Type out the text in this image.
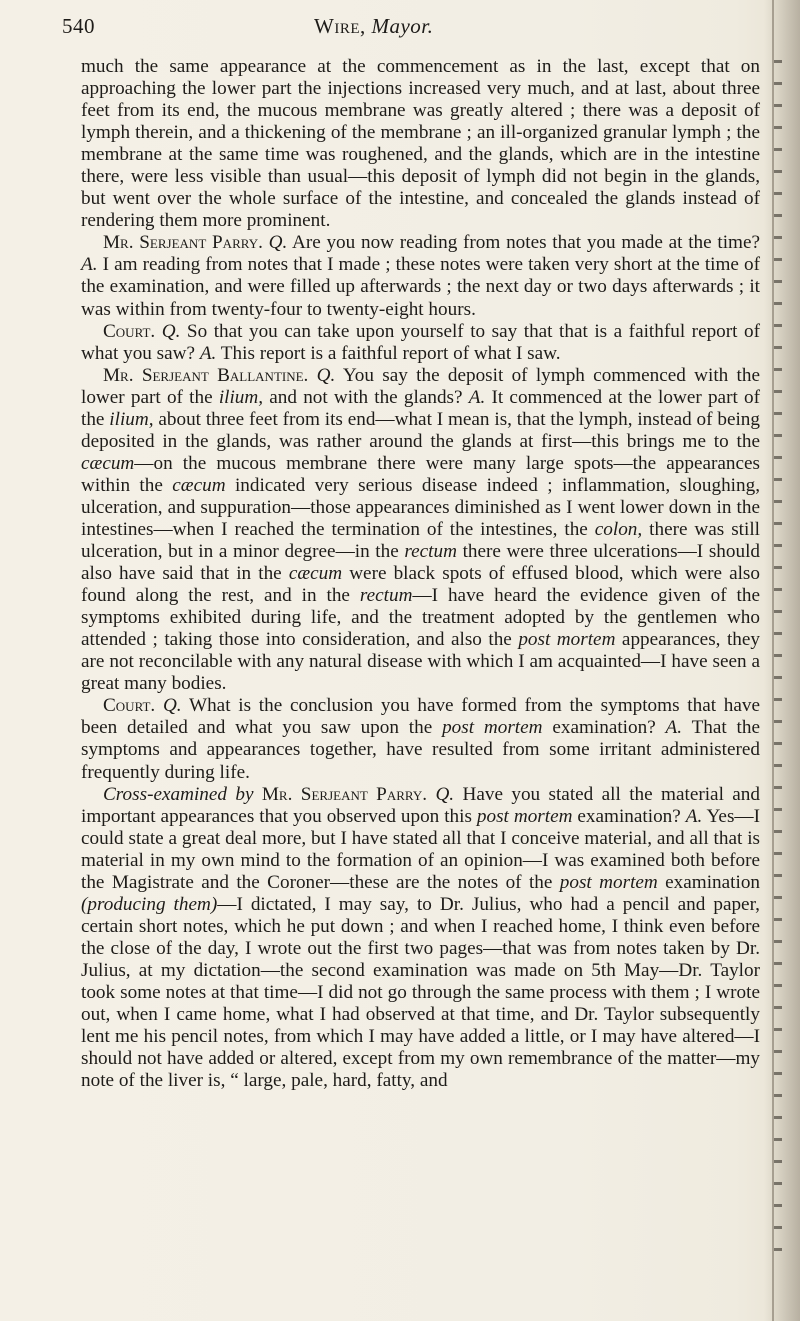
540	Wire, Mayor.

much the same appearance at the commencement as in the last, except that on approaching the lower part the injections increased very much, and at last, about three feet from its end, the mucous membrane was greatly altered ; there was a deposit of lymph therein, and a thickening of the membrane ; an ill-organized granular lymph ; the membrane at the same time was roughened, and the glands, which are in the intestine there, were less visible than usual—this deposit of lymph did not begin in the glands, but went over the whole surface of the intestine, and concealed the glands instead of rendering them more prominent.

Mr. Serjeant Parry. Q. Are you now reading from notes that you made at the time? A. I am reading from notes that I made ; these notes were taken very short at the time of the examination, and were filled up afterwards ; the next day or two days afterwards ; it was within from twenty-four to twenty-eight hours.

Court. Q. So that you can take upon yourself to say that that is a faithful report of what you saw? A. This report is a faithful report of what I saw.

Mr. Serjeant Ballantine. Q. You say the deposit of lymph commenced with the lower part of the ilium, and not with the glands? A. It commenced at the lower part of the ilium, about three feet from its end—what I mean is, that the lymph, instead of being deposited in the glands, was rather around the glands at first—this brings me to the cæcum—on the mucous membrane there were many large spots—the appearances within the cæcum indicated very serious disease indeed ; inflammation, sloughing, ulceration, and suppuration—those appearances diminished as I went lower down in the intestines—when I reached the termination of the intestines, the colon, there was still ulceration, but in a minor degree—in the rectum there were three ulcerations—I should also have said that in the cæcum were black spots of effused blood, which were also found along the rest, and in the rectum—I have heard the evidence given of the symptoms exhibited during life, and the treatment adopted by the gentlemen who attended ; taking those into consideration, and also the post mortem appearances, they are not reconcilable with any natural disease with which I am acquainted—I have seen a great many bodies.

Court. Q. What is the conclusion you have formed from the symptoms that have been detailed and what you saw upon the post mortem examination? A. That the symptoms and appearances together, have resulted from some irritant administered frequently during life.

Cross-examined by Mr. Serjeant Parry. Q. Have you stated all the material and important appearances that you observed upon this post mortem examination? A. Yes—I could state a great deal more, but I have stated all that I conceive material, and all that is material in my own mind to the formation of an opinion—I was examined both before the Magistrate and the Coroner—these are the notes of the post mortem examination (producing them)—I dictated, I may say, to Dr. Julius, who had a pencil and paper, certain short notes, which he put down ; and when I reached home, I think even before the close of the day, I wrote out the first two pages—that was from notes taken by Dr. Julius, at my dictation—the second examination was made on 5th May—Dr. Taylor took some notes at that time—I did not go through the same process with them ; I wrote out, when I came home, what I had observed at that time, and Dr. Taylor subsequently lent me his pencil notes, from which I may have added a little, or I may have altered—I should not have added or altered, except from my own remembrance of the matter—my note of the liver is, “ large, pale, hard, fatty, and
